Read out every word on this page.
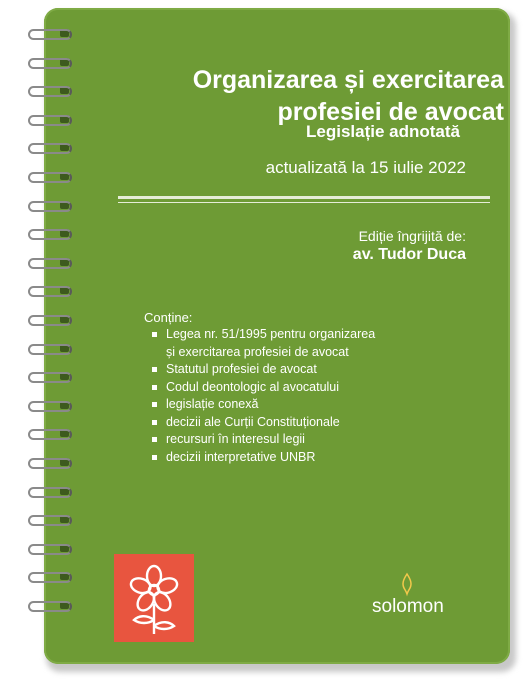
Organizarea și exercitarea
profesiei de avocat
Legislație adnotată
actualizată la 15 iulie 2022
Ediție îngrijită de:
av. Tudor Duca
Conține:
Legea nr. 51/1995 pentru organizarea
și exercitarea profesiei de avocat
Statutul profesiei de avocat
Codul deontologic al avocatului
legislație conexă
decizii ale Curții Constituționale
recursuri în interesul legii
decizii interpretative UNBR
solomon
